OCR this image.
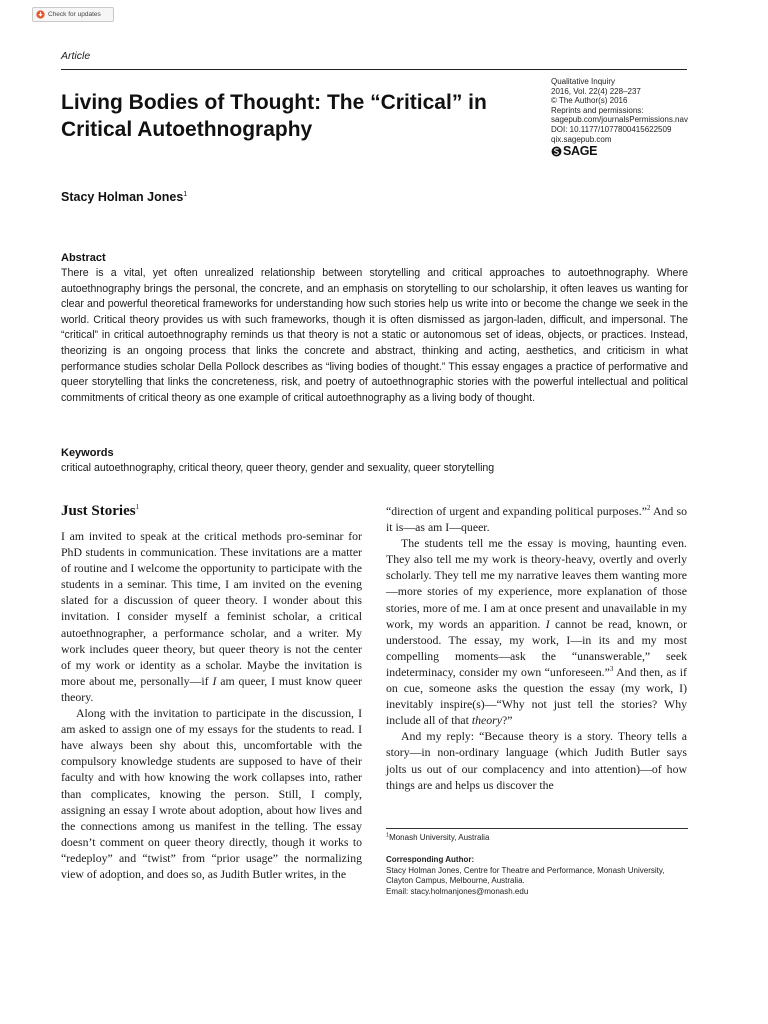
Check for updates
Article
Living Bodies of Thought: The “Critical” in Critical Autoethnography
Qualitative Inquiry
2016, Vol. 22(4) 228–237
© The Author(s) 2016
Reprints and permissions:
sagepub.com/journalsPermissions.nav
DOI: 10.1177/1077800415622509
qix.sagepub.com
SAGE
Stacy Holman Jones$^1$
Abstract

There is a vital, yet often unrealized relationship between storytelling and critical approaches to autoethnography. Where autoethnography brings the personal, the concrete, and an emphasis on storytelling to our scholarship, it often leaves us wanting for clear and powerful theoretical frameworks for understanding how such stories help us write into or become the change we seek in the world. Critical theory provides us with such frameworks, though it is often dismissed as jargon-laden, difficult, and impersonal. The “critical” in critical autoethnography reminds us that theory is not a static or autonomous set of ideas, objects, or practices. Instead, theorizing is an ongoing process that links the concrete and abstract, thinking and acting, aesthetics, and criticism in what performance studies scholar Della Pollock describes as “living bodies of thought.” This essay engages a practice of performative and queer storytelling that links the concreteness, risk, and poetry of autoethnographic stories with the powerful intellectual and political commitments of critical theory as one example of critical autoethnography as a living body of thought.

Keywords
critical autoethnography, critical theory, queer theory, gender and sexuality, queer storytelling
Just Stories$^1$

I am invited to speak at the critical methods pro-seminar for PhD students in communication. These invitations are a matter of routine and I welcome the opportunity to participate with the students in a seminar. This time, I am invited on the evening slated for a discussion of queer theory. I wonder about this invitation. I consider myself a feminist scholar, a critical autoethnographer, a performance scholar, and a writer. My work includes queer theory, but queer theory is not the center of my work or identity as a scholar. Maybe the invitation is more about me, personally—if I am queer, I must know queer theory.

Along with the invitation to participate in the discussion, I am asked to assign one of my essays for the students to read. I have always been shy about this, uncomfortable with the compulsory knowledge students are supposed to have of their faculty and with how knowing the work collapses into, rather than complicates, knowing the person. Still, I comply, assigning an essay I wrote about adoption, about how lives and the connections among us manifest in the telling. The essay doesn’t comment on queer theory directly, though it works to “redeploy” and “twist” from “prior usage” the normalizing view of adoption, and does so, as Judith Butler writes, in the

“direction of urgent and expanding political purposes.”$^2$ And so it is—as am I—queer.

The students tell me the essay is moving, haunting even. They also tell me my work is theory-heavy, overtly and overly scholarly. They tell me my narrative leaves them wanting more—more stories of my experience, more explanation of those stories, more of me. I am at once present and unavailable in my work, my words an apparition. I cannot be read, known, or understood. The essay, my work, I—in its and my most compelling moments—ask the “unanswerable,” seek indeterminacy, consider my own “unforeseen.”$^3$ And then, as if on cue, someone asks the question the essay (my work, I) inevitably inspire(s)—“Why not just tell the stories? Why include all of that theory?”

And my reply: “Because theory is a story. Theory tells a story—in non-ordinary language (which Judith Butler says jolts us out of our complacency and into attention)—of how things are and helps us discover the

$^1$Monash University, Australia

Corresponding Author:

Stacy Holman Jones, Centre for Theatre and Performance, Monash University, Clayton Campus, Melbourne, Australia.

Email: stacy.holmanjones@monash.edu
